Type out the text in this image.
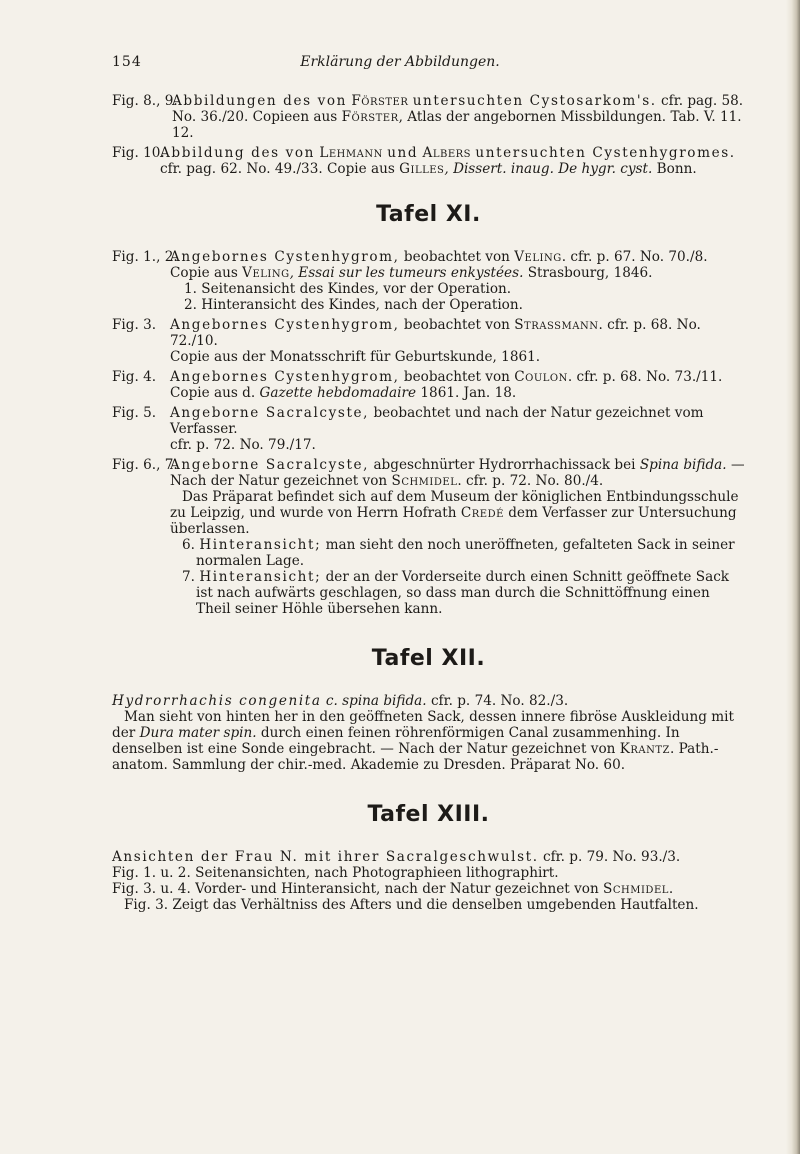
154	Erklärung der Abbildungen.
Fig. 8., 9.
Abbildungen des von Förster untersuchten Cystosarkom's. cfr. pag. 58. No. 36./20. Copieen aus Förster, Atlas der angebornen Missbildungen. Tab. V. 11. 12.
Fig. 10.
Abbildung des von Lehmann und Albers untersuchten Cystenhygromes. cfr. pag. 62. No. 49./33. Copie aus Gilles, Dissert. inaug. De hygr. cyst. Bonn.
Tafel XI.
Fig. 1., 2.
Angebornes Cystenhygrom, beobachtet von Veling. cfr. p. 67. No. 70./8.
Copie aus Veling, Essai sur les tumeurs enkystées. Strasbourg, 1846.
1. Seitenansicht des Kindes, vor der Operation.
2. Hinteransicht des Kindes, nach der Operation.
Fig. 3. Angebornes Cystenhygrom, beobachtet von Strassmann. cfr. p. 68. No. 72./10.
Copie aus der Monatsschrift für Geburtskunde, 1861.
Fig. 4. Angebornes Cystenhygrom, beobachtet von Coulon. cfr. p. 68. No. 73./11.
Copie aus d. Gazette hebdomadaire 1861. Jan. 18.
Fig. 5. Angeborne Sacralcyste, beobachtet und nach der Natur gezeichnet vom Verfasser.
cfr. p. 72. No. 79./17.
Fig. 6., 7.
Angeborne Sacralcyste, abgeschnürter Hydrorrhachissack bei Spina bifida. —
Nach der Natur gezeichnet von Schmidel. cfr. p. 72. No. 80./4.
Das Präparat befindet sich auf dem Museum der königlichen Entbindungsschule zu Leipzig, und wurde von Herrn Hofrath Credé dem Verfasser zur Untersuchung überlassen.
6. Hinteransicht; man sieht den noch uneröffneten, gefalteten Sack in seiner normalen Lage.
7. Hinteransicht; der an der Vorderseite durch einen Schnitt geöffnete Sack ist nach aufwärts geschlagen, so dass man durch die Schnittöffnung einen Theil seiner Höhle übersehen kann.
Tafel XII.
Hydrorrhachis congenita c. spina bifida. cfr. p. 74. No. 82./3.
Man sieht von hinten her in den geöffneten Sack, dessen innere fibröse Auskleidung mit der Dura mater spin. durch einen feinen röhrenförmigen Canal zusammenhing. In denselben ist eine Sonde eingebracht. — Nach der Natur gezeichnet von Krantz. Path.-anatom. Sammlung der chir.-med. Akademie zu Dresden. Präparat No. 60.
Tafel XIII.
Ansichten der Frau N. mit ihrer Sacralgeschwulst. cfr. p. 79. No. 93./3.
Fig. 1. u. 2. Seitenansichten, nach Photographieen lithographirt.
Fig. 3. u. 4. Vorder- und Hinteransicht, nach der Natur gezeichnet von Schmidel.
Fig. 3. Zeigt das Verhältniss des Afters und die denselben umgebenden Hautfalten.
